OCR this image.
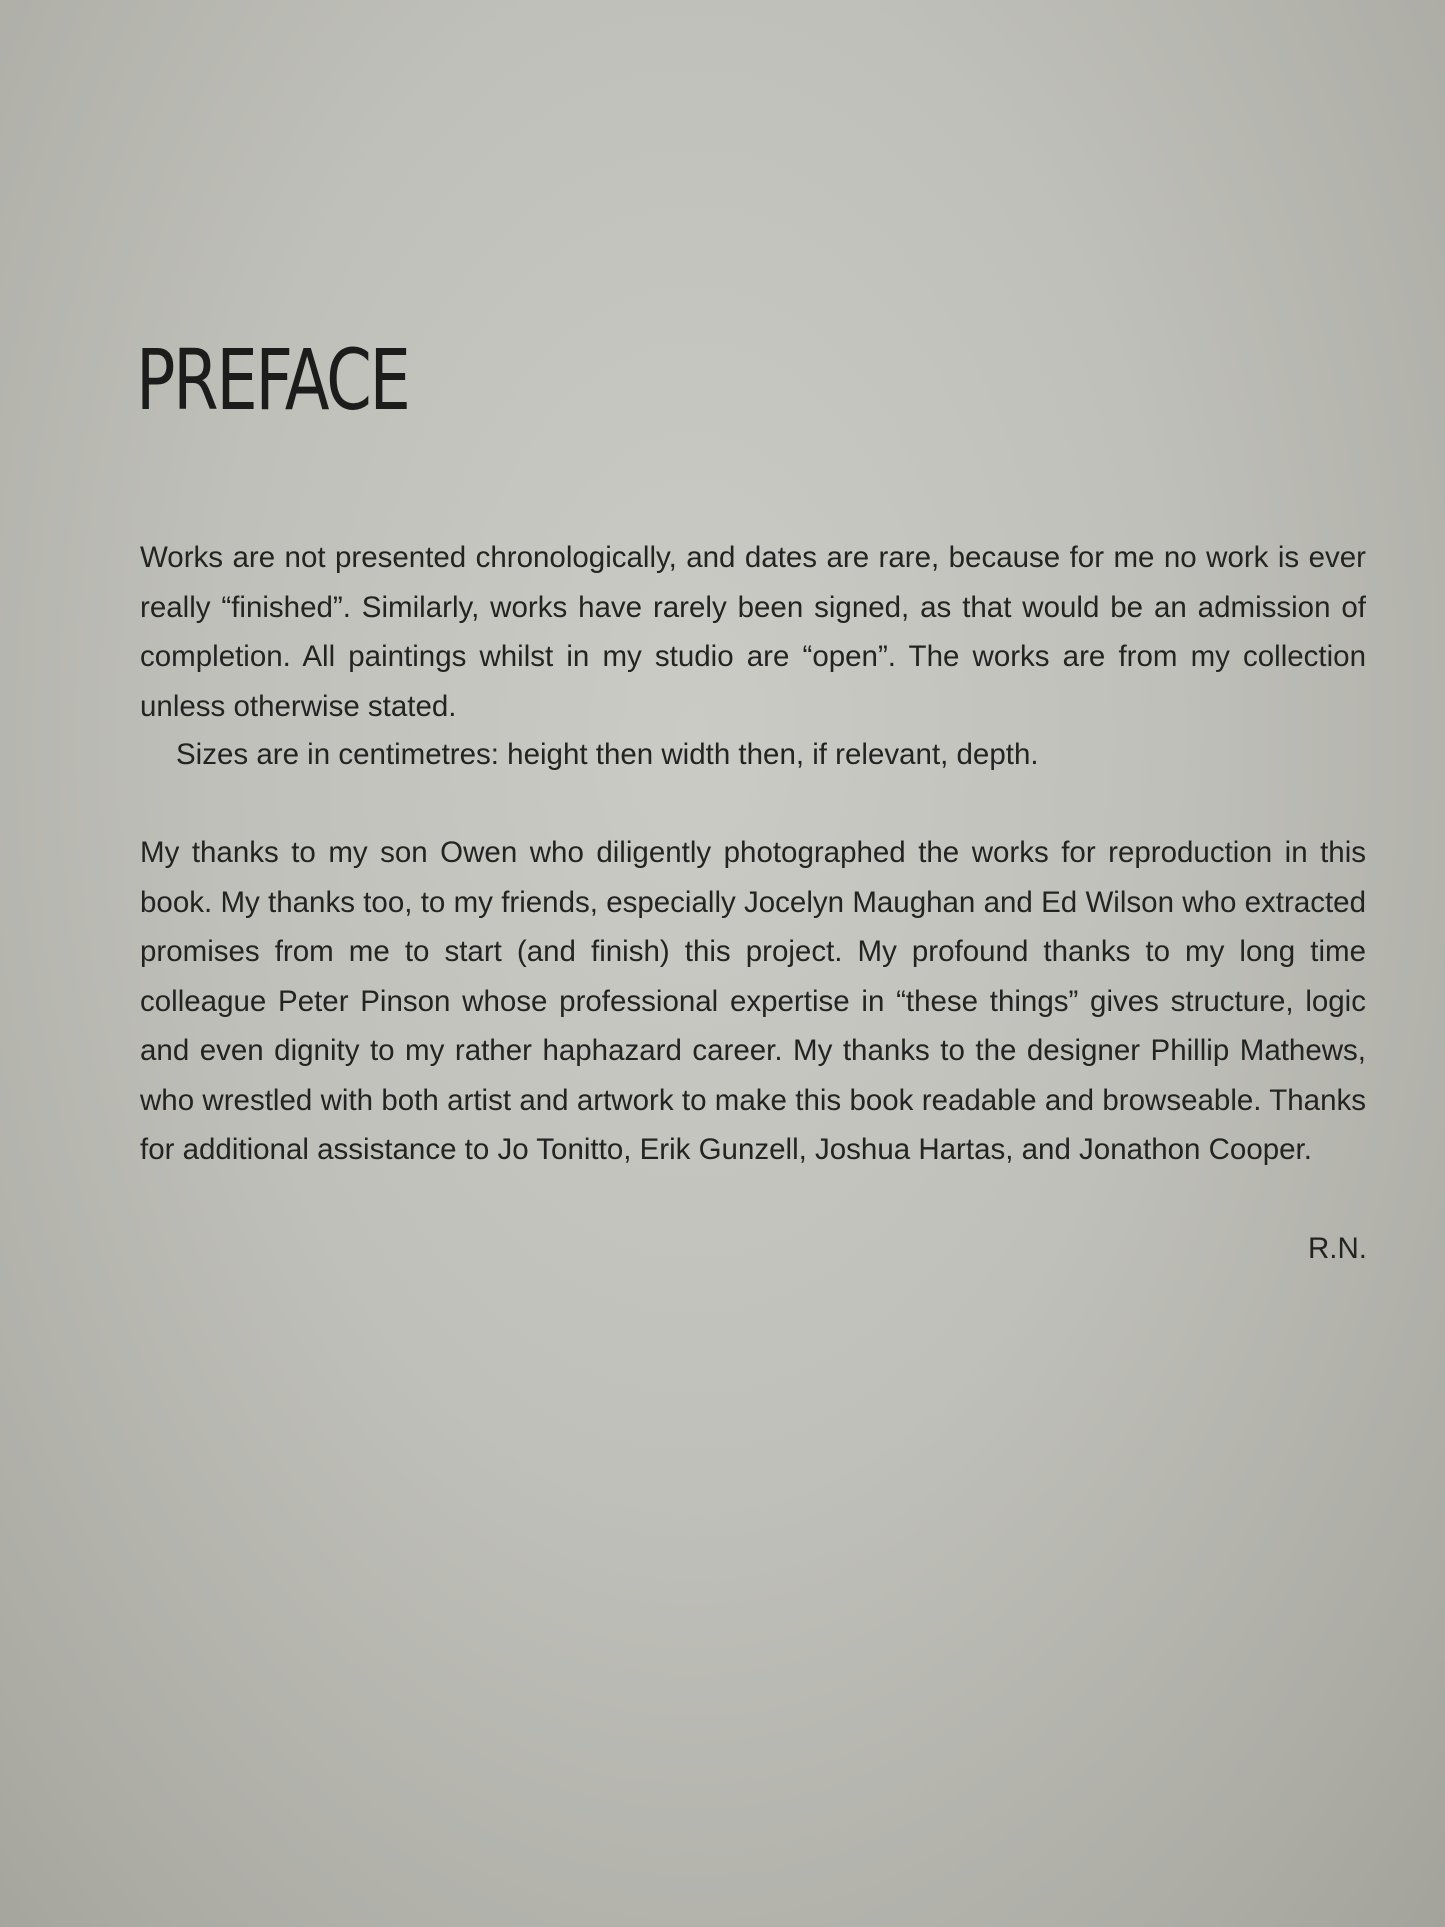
PREFACE

Works are not presented chronologically, and dates are rare, because for me no work is ever really “finished”. Similarly, works have rarely been signed, as that would be an admission of completion. All paintings whilst in my studio are “open”. The works are from my collection unless otherwise stated.

Sizes are in centimetres: height then width then, if relevant, depth.

My thanks to my son Owen who diligently photographed the works for reproduction in this book. My thanks too, to my friends, especially Jocelyn Maughan and Ed Wilson who extracted promises from me to start (and finish) this project. My profound thanks to my long time colleague Peter Pinson whose professional expertise in “these things” gives structure, logic and even dignity to my rather haphazard career. My thanks to the designer Phillip Mathews, who wrestled with both artist and artwork to make this book readable and browseable. Thanks for additional assistance to Jo Tonitto, Erik Gunzell, Joshua Hartas, and Jonathon Cooper.

R.N.
